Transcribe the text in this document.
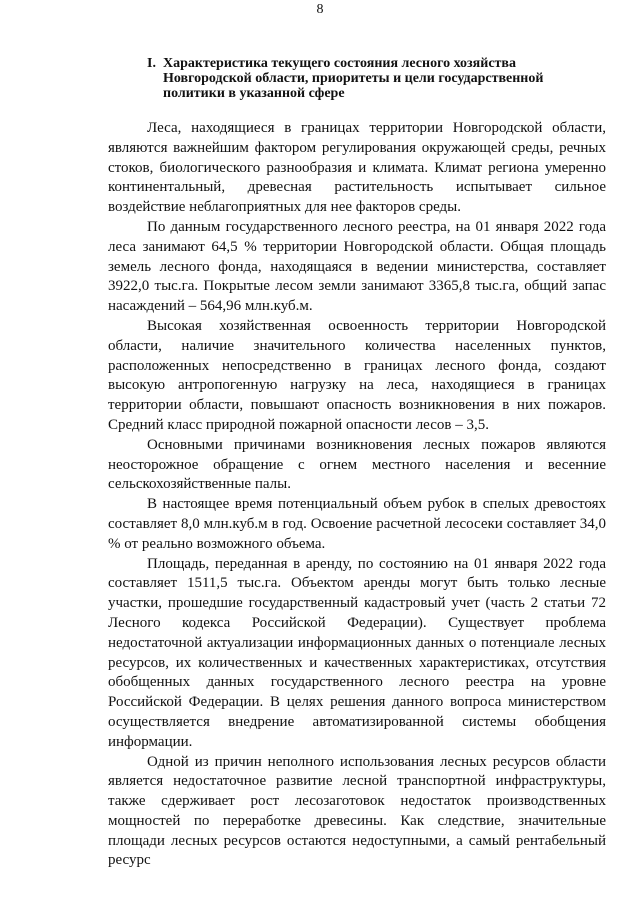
8
I. Характеристика текущего состояния лесного хозяйства Новгородской области, приоритеты и цели государственной политики в указанной сфере

Леса, находящиеся в границах территории Новгородской области, являются важнейшим фактором регулирования окружающей среды, речных стоков, биологического разнообразия и климата. Климат региона умеренно континентальный, древесная растительность испытывает сильное воздействие неблагоприятных для нее факторов среды.

По данным государственного лесного реестра, на 01 января 2022 года леса занимают 64,5 % территории Новгородской области. Общая площадь земель лесного фонда, находящаяся в ведении министерства, составляет 3922,0 тыс.га. Покрытые лесом земли занимают 3365,8 тыс.га, общий запас насаждений – 564,96 млн.куб.м.

Высокая хозяйственная освоенность территории Новгородской области, наличие значительного количества населенных пунктов, расположенных непосредственно в границах лесного фонда, создают высокую антропогенную нагрузку на леса, находящиеся в границах территории области, повышают опасность возникновения в них пожаров. Средний класс природной пожарной опасности лесов – 3,5.

Основными причинами возникновения лесных пожаров являются неосторожное обращение с огнем местного населения и весенние сельскохозяйственные палы.

В настоящее время потенциальный объем рубок в спелых древостоях составляет 8,0 млн.куб.м в год. Освоение расчетной лесосеки составляет 34,0 % от реально возможного объема.

Площадь, переданная в аренду, по состоянию на 01 января 2022 года составляет 1511,5 тыс.га. Объектом аренды могут быть только лесные участки, прошедшие государственный кадастровый учет (часть 2 статьи 72 Лесного кодекса Российской Федерации). Существует проблема недостаточной актуализации информационных данных о потенциале лесных ресурсов, их количественных и качественных характеристиках, отсутствия обобщенных данных государственного лесного реестра на уровне Российской Федерации. В целях решения данного вопроса министерством осуществляется внедрение автоматизированной системы обобщения информации.

Одной из причин неполного использования лесных ресурсов области является недостаточное развитие лесной транспортной инфраструктуры, также сдерживает рост лесозаготовок недостаток производственных мощностей по переработке древесины. Как следствие, значительные площади лесных ресурсов остаются недоступными, а самый рентабельный ресурс
